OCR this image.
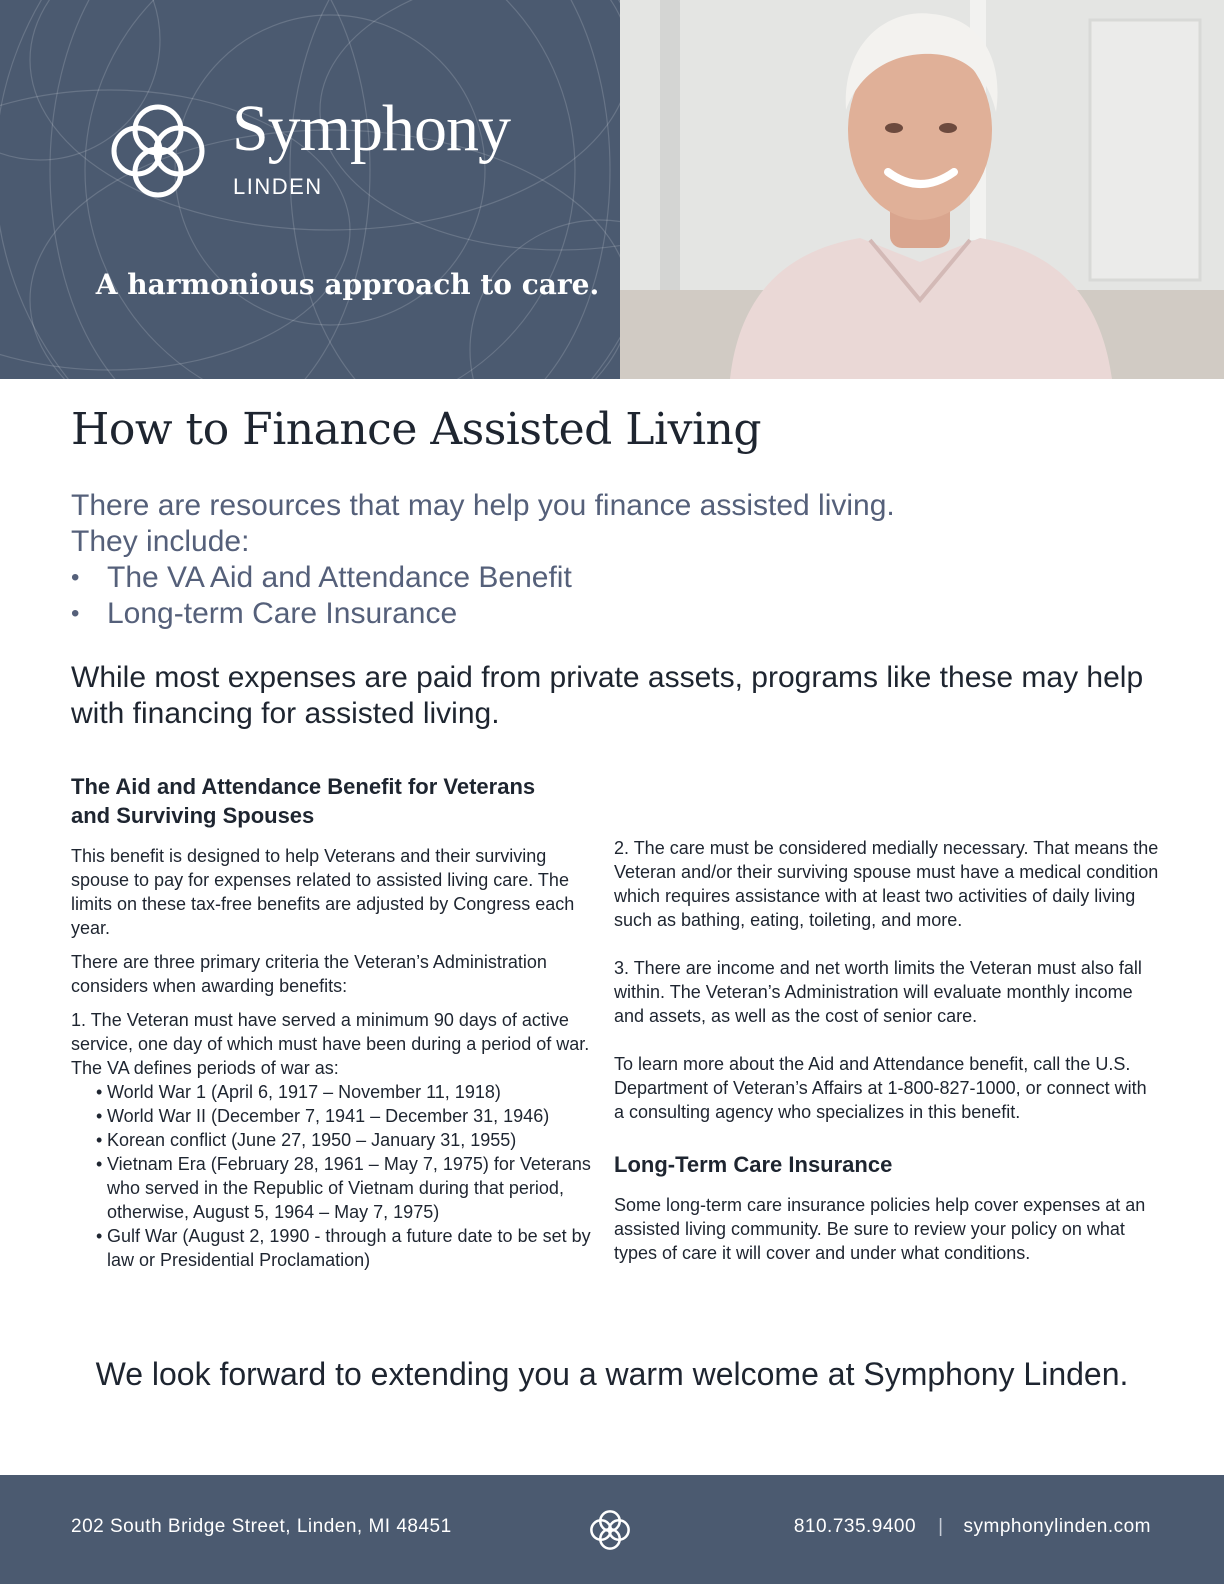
Symphony
LINDEN
A harmonious approach to care.
How to Finance Assisted Living

There are resources that may help you finance assisted living.
They include:

• The VA Aid and Attendance Benefit
• Long-term Care Insurance

While most expenses are paid from private assets, programs like these may help with financing for assisted living.

The Aid and Attendance Benefit for Veterans
and Surviving Spouses

This benefit is designed to help Veterans and their surviving spouse to pay for expenses related to assisted living care. The limits on these tax-free benefits are adjusted by Congress each year.

There are three primary criteria the Veteran’s Administration considers when awarding benefits:

1. The Veteran must have served a minimum 90 days of active service, one day of which must have been during a period of war.

The VA defines periods of war as:

• World War 1 (April 6, 1917 – November 11, 1918)
• World War II (December 7, 1941 – December 31, 1946)
• Korean conflict (June 27, 1950 – January 31, 1955)
• Vietnam Era (February 28, 1961 – May 7, 1975) for Veterans who served in the Republic of Vietnam during that period, otherwise, August 5, 1964 – May 7, 1975)
• Gulf War (August 2, 1990 - through a future date to be set by law or Presidential Proclamation)

2. The care must be considered medially necessary. That means the Veteran and/or their surviving spouse must have a medical condition which requires assistance with at least two activities of daily living such as bathing, eating, toileting, and more.

3. There are income and net worth limits the Veteran must also fall within. The Veteran’s Administration will evaluate monthly income and assets, as well as the cost of senior care.

To learn more about the Aid and Attendance benefit, call the U.S. Department of Veteran’s Affairs at 1-800-827-1000, or connect with a consulting agency who specializes in this benefit.

Long-Term Care Insurance

Some long-term care insurance policies help cover expenses at an assisted living community. Be sure to review your policy on what types of care it will cover and under what conditions.

We look forward to extending you a warm welcome at Symphony Linden.

202 South Bridge Street, Linden, MI 48451	810.735.9400 | symphonylinden.com
